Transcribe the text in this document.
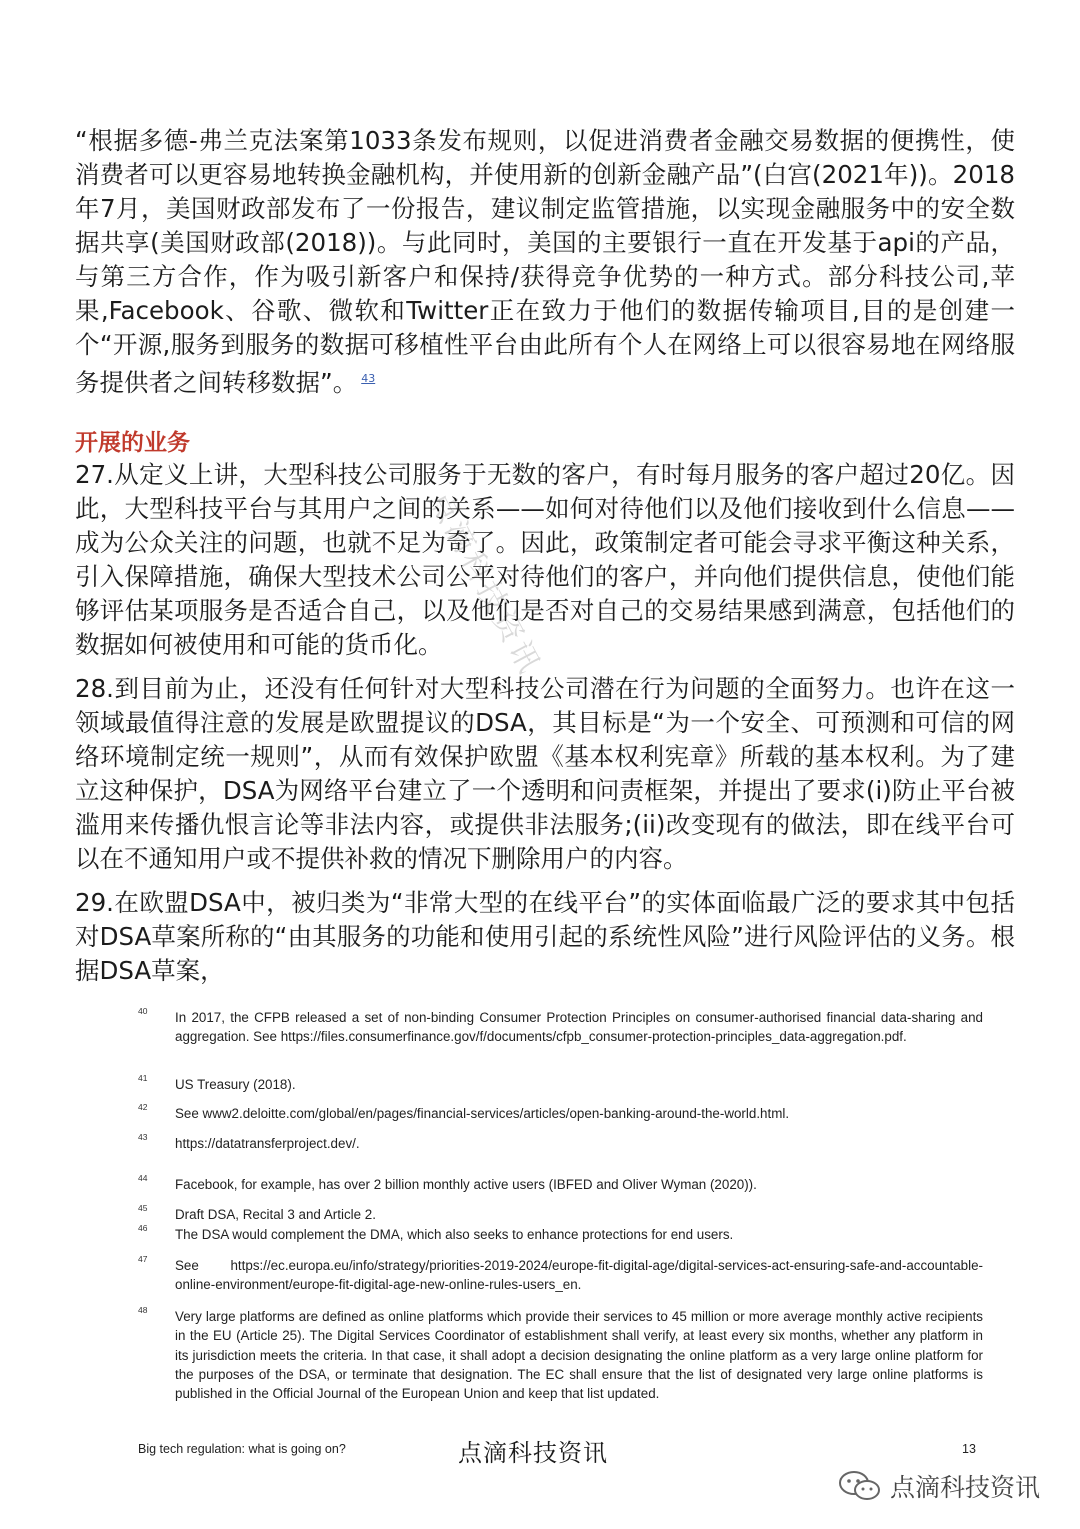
“根据多德-弗兰克法案第1033条发布规则，以促进消费者金融交易数据的便携性，使消费者可以更容易地转换金融机构，并使用新的创新金融产品”(白宫(2021年))。2018年7月，美国财政部发布了一份报告，建议制定监管措施，以实现金融服务中的安全数据共享(美国财政部(2018))。与此同时，美国的主要银行一直在开发基于api的产品，与第三方合作，作为吸引新客户和保持/获得竞争优势的一种方式。部分科技公司,苹果,Facebook、谷歌、微软和Twitter正在致力于他们的数据传输项目,目的是创建一个“开源,服务到服务的数据可移植性平台由此所有个人在网络上可以很容易地在网络服务提供者之间转移数据”。 $^{43}$

点滴科技资讯
开展的业务

27.从定义上讲，大型科技公司服务于无数的客户，有时每月服务的客户超过20亿。因此，大型科技平台与其用户之间的关系——如何对待他们以及他们接收到什么信息——成为公众关注的问题，也就不足为奇了。因此，政策制定者可能会寻求平衡这种关系，引入保障措施，确保大型技术公司公平对待他们的客户，并向他们提供信息，使他们能够评估某项服务是否适合自己，以及他们是否对自己的交易结果感到满意，包括他们的数据如何被使用和可能的货币化。

28.到目前为止，还没有任何针对大型科技公司潜在行为问题的全面努力。也许在这一领域最值得注意的发展是欧盟提议的DSA，其目标是“为一个安全、可预测和可信的网络环境制定统一规则”，从而有效保护欧盟《基本权利宪章》所载的基本权利。为了建立这种保护，DSA为网络平台建立了一个透明和问责框架，并提出了要求(i)防止平台被滥用来传播仇恨言论等非法内容，或提供非法服务;(ii)改变现有的做法，即在线平台可以在不通知用户或不提供补救的情况下删除用户的内容。

29.在欧盟DSA中，被归类为“非常大型的在线平台”的实体面临最广泛的要求其中包括对DSA草案所称的“由其服务的功能和使用引起的系统性风险”进行风险评估的义务。根据DSA草案，

40 In 2017, the CFPB released a set of non-binding Consumer Protection Principles on consumer-authorised financial data-sharing and aggregation. See https://files.consumerfinance.gov/f/documents/cfpb_consumer-protection-principles_data-aggregation.pdf.
41 US Treasury (2018).
42 See www2.deloitte.com/global/en/pages/financial-services/articles/open-banking-around-the-world.html.
43 https://datatransferproject.dev/.
44 Facebook, for example, has over 2 billion monthly active users (IBFED and Oliver Wyman (2020)).
45 Draft DSA, Recital 3 and Article 2.
46 The DSA would complement the DMA, which also seeks to enhance protections for end users.
47 See https://ec.europa.eu/info/strategy/priorities-2019-2024/europe-fit-digital-age/digital-services-act-ensuring-safe-and-accountable-online-environment/europe-fit-digital-age-new-online-rules-users_en.
48 Very large platforms are defined as online platforms which provide their services to 45 million or more average monthly active recipients in the EU (Article 25). The Digital Services Coordinator of establishment shall verify, at least every six months, whether any platform in its jurisdiction meets the criteria. In that case, it shall adopt a decision designating the online platform as a very large online platform for the purposes of the DSA, or terminate that designation. The EC shall ensure that the list of designated very large online platforms is published in the Official Journal of the European Union and keep that list updated.
Big tech regulation: what is going on?	点滴科技资讯	13
点滴科技资讯
